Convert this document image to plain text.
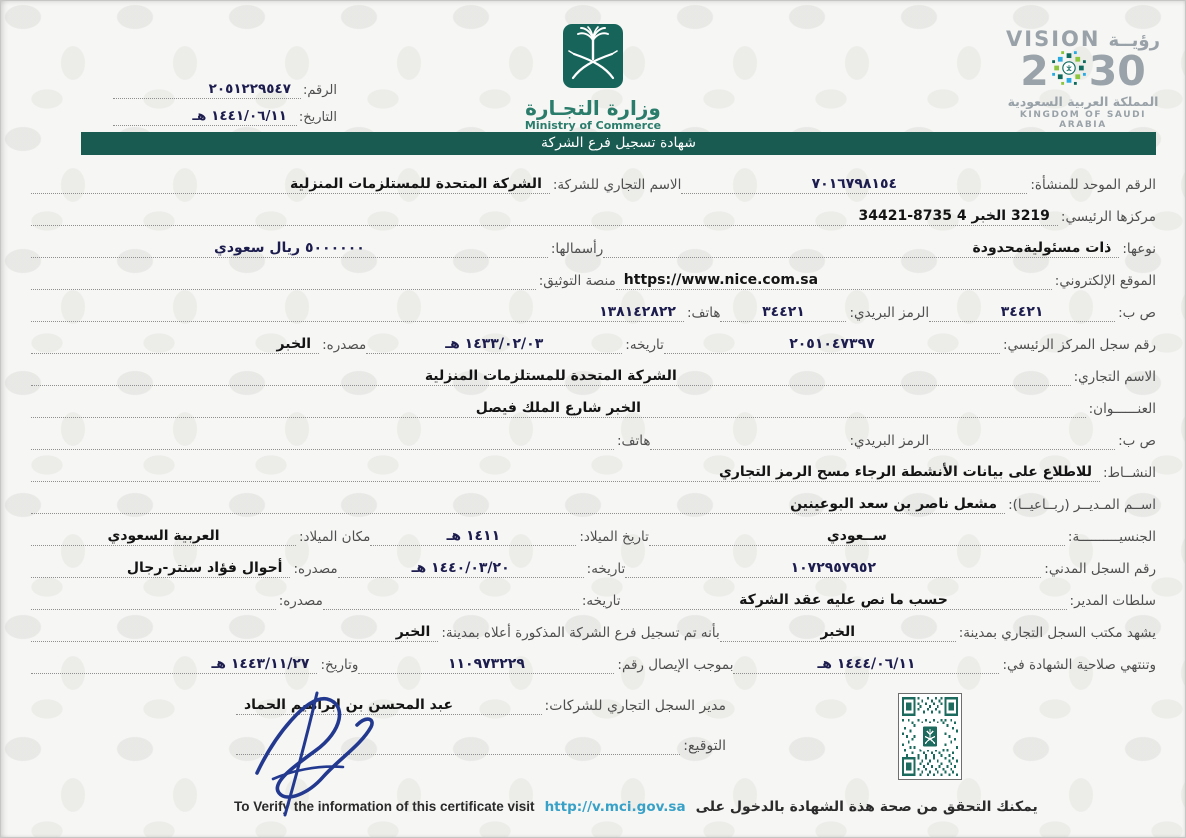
الرقم:
٢٠٥١٢٢٩٥٤٧
التاريخ:
١٤٤١/٠٦/١١ هـ	وزارة التجـارة
Ministry of Commerce
VISION رؤيــة
2 30
المملكة العربية السعودية
KINGDOM OF SAUDI ARABIA
شهادة تسجيل فرع الشركة
الرقم الموحد للمنشأة:
٧٠١٦٧٩٨١٥٤
الاسم التجاري للشركة:
الشركة المتحدة للمستلزمات المنزلية
مركزها الرئيسي:
3219 الخبر 4 8735-34421
نوعها:
ذات مسئوليةمحدودة
رأسمالها:
٥٠٠٠٠٠٠ ريال سعودي
الموقع الإلكتروني:
https://www.nice.com.sa
منصة التوثيق:
ص ب:
٣٤٤٢١
الرمز البريدي:
٣٤٤٢١
هاتف:
١٣٨١٤٢٨٢٢
رقم سجل المركز الرئيسي:
٢٠٥١٠٤٧٣٩٧
تاريخه:
١٤٣٣/٠٢/٠٣ هـ
مصدره:
الخبر
الاسم التجاري:
الشركة المتحدة للمستلزمات المنزلية
العنــــــوان:
الخبر شارع الملك فيصل
ص ب:
الرمز البريدي:
هاتف:
النشــاط:
للاطلاع على بيانات الأنشطة الرجاء مسح الرمز التجاري
اســم المـديــر (ربــاعيــا):
مشعل ناصر بن سعد البوعينين
الجنسيــــــــــة:
ســعودي
تاريخ الميلاد:
١٤١١ هـ
مكان الميلاد:
العربية السعودي
رقم السجل المدني:
١٠٧٢٩٥٧٩٥٢
تاريخه:
١٤٤٠/٠٣/٢٠ هـ
مصدره:
أحوال فؤاد سنتر-رجال
سلطات المدير:
حسب ما نص عليه عقد الشركة
تاريخه:
مصدره:
يشهد مكتب السجل التجاري بمدينة:
الخبر
بأنه تم تسجيل فرع الشركة المذكورة أعلاه بمدينة:
الخبر
وتنتهي صلاحية الشهادة في:
١٤٤٤/٠٦/١١ هـ
بموجب الإيصال رقم:
١١٠٩٧٣٢٢٩
وتاريخ:
١٤٤٣/١١/٢٧ هـ
مدير السجل التجاري للشركات:
عبد المحسن بن ابراهيم الحماد
التوقيع:
To Verify the information of this certificate visit http://v.mci.gov.sa يمكنك التحقق من صحة هذة الشهادة بالدخول على
